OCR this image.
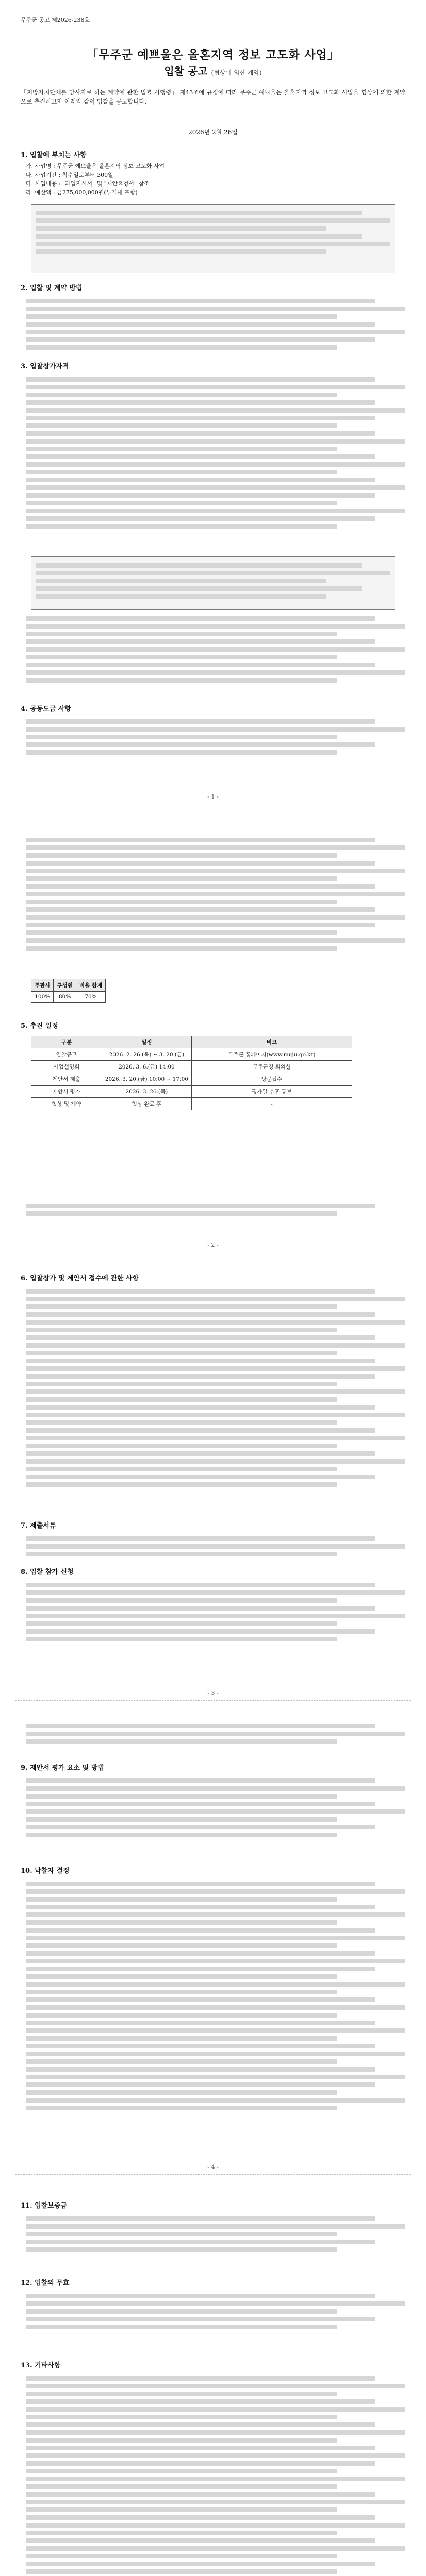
무주군 공고 제2026-238호
「무주군 예쁘울은 올혼지역 정보 고도화 사업」
입찰 공고 (협상에 의한 계약)
「지방자치단체를 당사자로 하는 계약에 관한 법률 시행령」 제43조에 규정에 따라 무주군 예쁘울은 올혼지역 정보 고도화 사업을 협상에 의한 계약으로 추진하고자 아래와 같이 입찰을 공고합니다.
2026년 2월 26일
1. 입찰에 부치는 사항
가. 사업명 : 무주군 예쁘울은 올혼지역 정보 고도화 사업
나. 사업기간 : 착수일로부터 300일
다. 사업내용 : "과업지시서" 및 "제안요청서" 참조
라. 예산액 : 금275,000,000원(부가세 포함)
2. 입찰 및 계약 방법
3. 입찰참가자격
4. 공동도급 사항
- 1 -
주관사	구성원	비율 합계
100%	80%	70%
5. 추진 일정
구분	일정	비고
입찰공고	2026. 2. 26.(목) ~ 3. 20.(금)	무주군 홈페이지(www.muju.go.kr)
사업설명회	2026. 3. 6.(금) 14:00	무주군청 회의실
제안서 제출	2026. 3. 20.(금) 10:00 ~ 17:00	방문접수
제안서 평가	2026. 3. 26.(목)	평가일 추후 통보
협상 및 계약	협상 완료 후	-
- 2 -
6. 입찰참가 및 제안서 접수에 관한 사항
7. 제출서류
8. 입찰 참가 신청
- 3 -
9. 제안서 평가 요소 및 방법
10. 낙찰자 결정
- 4 -
11. 입찰보증금
12. 입찰의 무효
13. 기타사항
